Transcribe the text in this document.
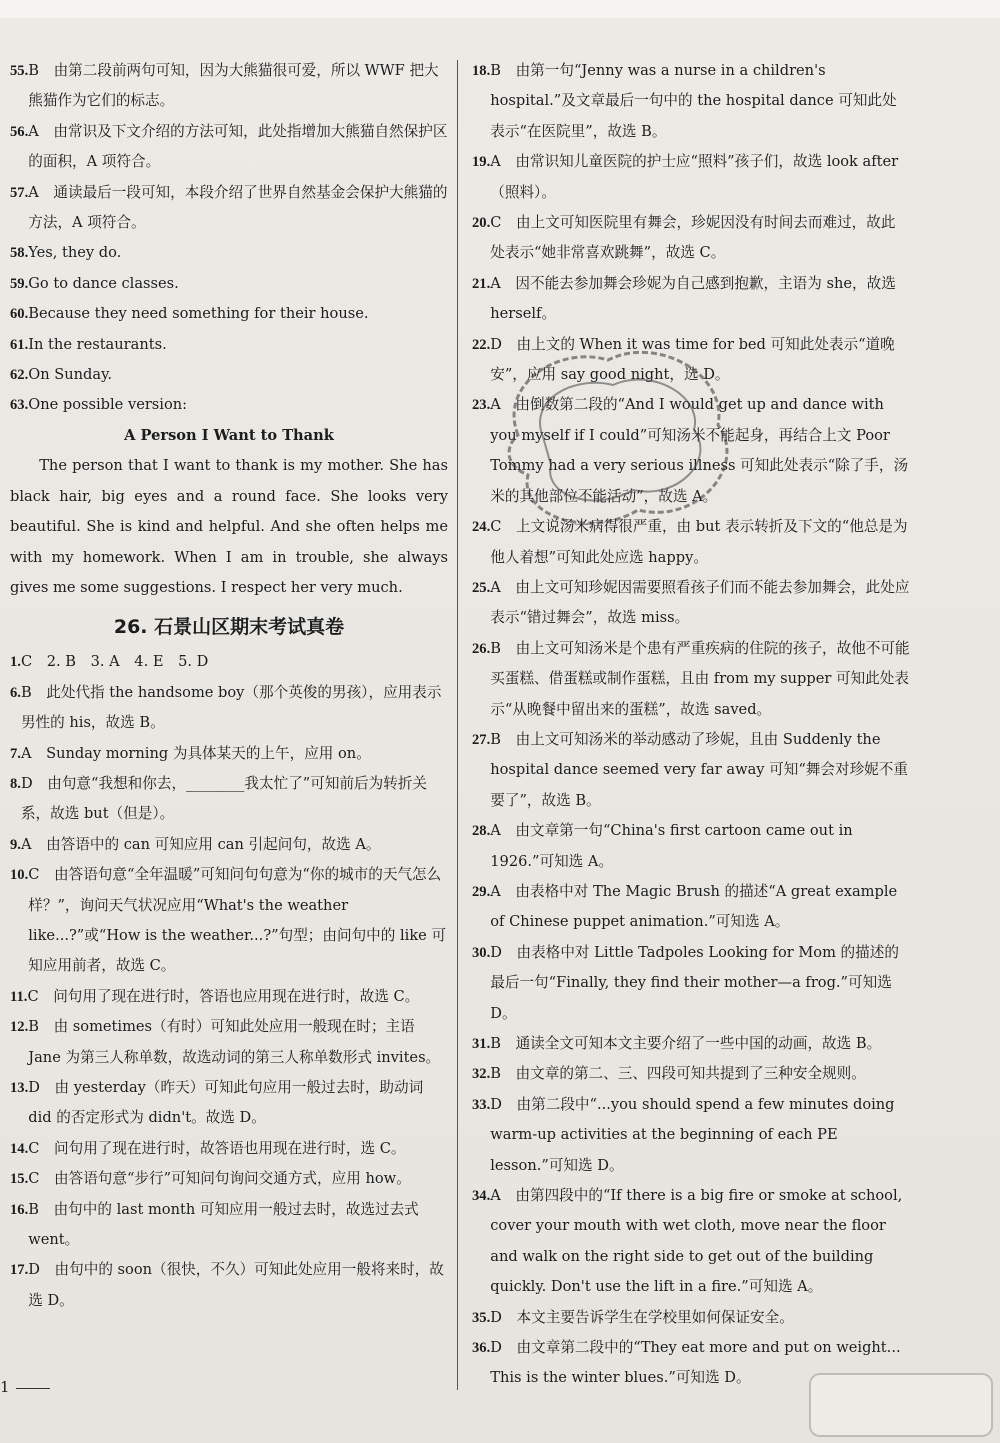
55. B　由第二段前两句可知，因为大熊猫很可爱，所以 WWF 把大熊猫作为它们的标志。
56. A　由常识及下文介绍的方法可知，此处指增加大熊猫自然保护区的面积，A 项符合。
57. A　通读最后一段可知，本段介绍了世界自然基金会保护大熊猫的方法，A 项符合。
58. Yes, they do.
59. Go to dance classes.
60. Because they need something for their house.
61. In the restaurants.
62. On Sunday.
63. One possible version:
A Person I Want to Thank
The person that I want to thank is my mother. She has black hair, big eyes and a round face. She looks very beautiful. She is kind and helpful. And she often helps me with my homework. When I am in trouble, she always gives me some suggestions. I respect her very much.
26. 石景山区期末考试真卷
1. C　2. B　3. A　4. E　5. D
6. B　此处代指 the handsome boy（那个英俊的男孩），应用表示男性的 his，故选 B。
7. A　Sunday morning 为具体某天的上午，应用 on。
8. D　由句意“我想和你去，________我太忙了”可知前后为转折关系，故选 but（但是）。
9. A　由答语中的 can 可知应用 can 引起问句，故选 A。
10. C　由答语句意“全年温暖”可知问句句意为“你的城市的天气怎么样？”，询问天气状况应用“What's the weather like...?”或“How is the weather...?”句型；由问句中的 like 可知应用前者，故选 C。
11. C　问句用了现在进行时，答语也应用现在进行时，故选 C。
12. B　由 sometimes（有时）可知此处应用一般现在时；主语 Jane 为第三人称单数，故选动词的第三人称单数形式 invites。
13. D　由 yesterday（昨天）可知此句应用一般过去时，助动词 did 的否定形式为 didn't。故选 D。
14. C　问句用了现在进行时，故答语也用现在进行时，选 C。
15. C　由答语句意“步行”可知问句询问交通方式，应用 how。
16. B　由句中的 last month 可知应用一般过去时，故选过去式 went。
17. D　由句中的 soon（很快，不久）可知此处应用一般将来时，故选 D。
18. B　由第一句“Jenny was a nurse in a children's hospital.”及文章最后一句中的 the hospital dance 可知此处表示“在医院里”，故选 B。
19. A　由常识知儿童医院的护士应“照料”孩子们，故选 look after（照料）。
20. C　由上文可知医院里有舞会，珍妮因没有时间去而难过，故此处表示“她非常喜欢跳舞”，故选 C。
21. A　因不能去参加舞会珍妮为自己感到抱歉，主语为 she，故选 herself。
22. D　由上文的 When it was time for bed 可知此处表示“道晚安”，应用 say good night，选 D。
23. A　由倒数第二段的“And I would get up and dance with you myself if I could”可知汤米不能起身，再结合上文 Poor Tommy had a very serious illness 可知此处表示“除了手，汤米的其他部位不能活动”，故选 A。
24. C　上文说汤米病得很严重，由 but 表示转折及下文的“他总是为他人着想”可知此处应选 happy。
25. A　由上文可知珍妮因需要照看孩子们而不能去参加舞会，此处应表示“错过舞会”，故选 miss。
26. B　由上文可知汤米是个患有严重疾病的住院的孩子，故他不可能买蛋糕、借蛋糕或制作蛋糕，且由 from my supper 可知此处表示“从晚餐中留出来的蛋糕”，故选 saved。
27. B　由上文可知汤米的举动感动了珍妮，且由 Suddenly the hospital dance seemed very far away 可知“舞会对珍妮不重要了”，故选 B。
28. A　由文章第一句“China's first cartoon came out in 1926.”可知选 A。
29. A　由表格中对 The Magic Brush 的描述“A great example of Chinese puppet animation.”可知选 A。
30. D　由表格中对 Little Tadpoles Looking for Mom 的描述的最后一句“Finally, they find their mother—a frog.”可知选 D。
31. B　通读全文可知本文主要介绍了一些中国的动画，故选 B。
32. B　由文章的第二、三、四段可知共提到了三种安全规则。
33. D　由第二段中“...you should spend a few minutes doing warm-up activities at the beginning of each PE lesson.”可知选 D。
34. A　由第四段中的“If there is a big fire or smoke at school, cover your mouth with wet cloth, move near the floor and walk on the right side to get out of the building quickly. Don't use the lift in a fire.”可知选 A。
35. D　本文主要告诉学生在学校里如何保证安全。
36. D　由文章第二段中的“They eat more and put on weight... This is the winter blues.”可知选 D。
1
